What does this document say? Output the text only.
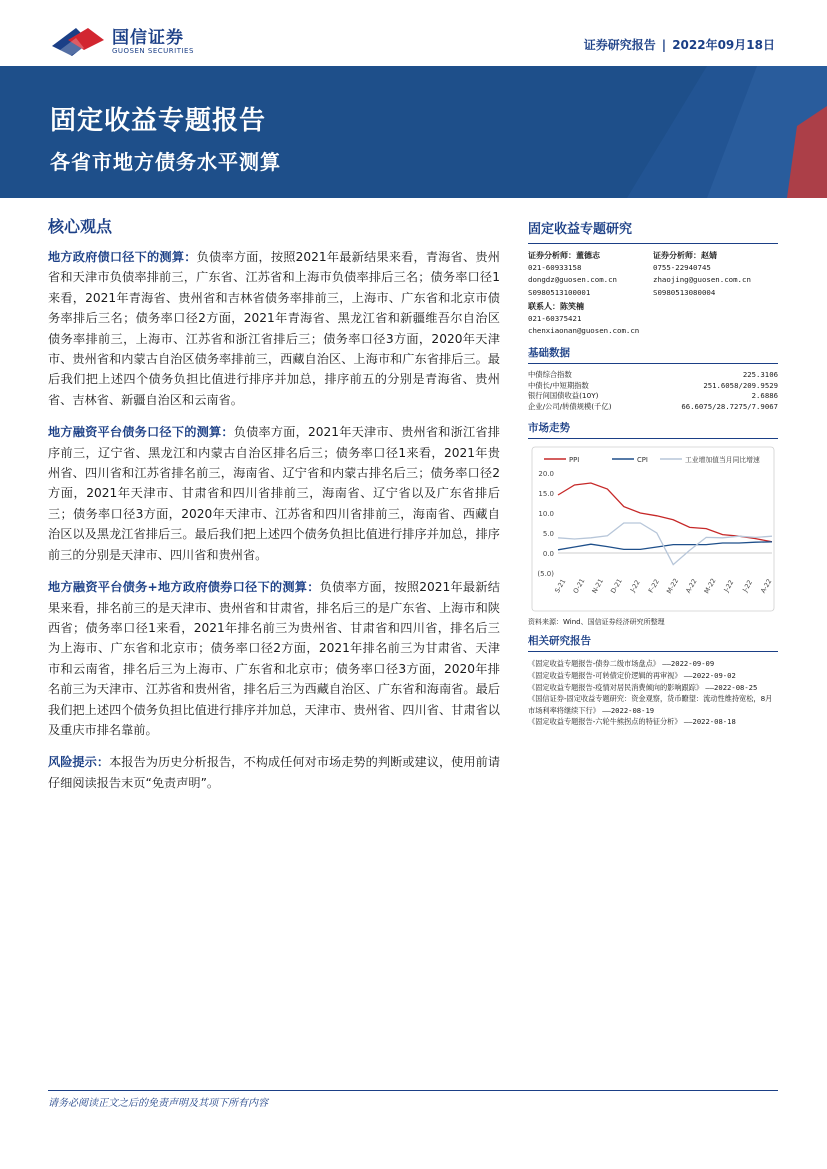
国信证券
GUOSEN SECURITIES	证券研究报告 | 2022年09月18日
固定收益专题报告
各省市地方债务水平测算
核心观点

地方政府债口径下的测算：负债率方面，按照2021年最新结果来看，青海省、贵州省和天津市负债率排前三，广东省、江苏省和上海市负债率排后三名；债务率口径1来看，2021年青海省、贵州省和吉林省债务率排前三，上海市、广东省和北京市债务率排后三名；债务率口径2方面，2021年青海省、黑龙江省和新疆维吾尔自治区债务率排前三，上海市、江苏省和浙江省排后三；债务率口径3方面，2020年天津市、贵州省和内蒙古自治区债务率排前三，西藏自治区、上海市和广东省排后三。最后我们把上述四个债务负担比值进行排序并加总，排序前五的分别是青海省、贵州省、吉林省、新疆自治区和云南省。

地方融资平台债务口径下的测算：负债率方面，2021年天津市、贵州省和浙江省排序前三，辽宁省、黑龙江和内蒙古自治区排名后三；债务率口径1来看，2021年贵州省、四川省和江苏省排名前三，海南省、辽宁省和内蒙古排名后三；债务率口径2方面，2021年天津市、甘肃省和四川省排前三，海南省、辽宁省以及广东省排后三；债务率口径3方面，2020年天津市、江苏省和四川省排前三，海南省、西藏自治区以及黑龙江省排后三。最后我们把上述四个债务负担比值进行排序并加总，排序前三的分别是天津市、四川省和贵州省。

地方融资平台债务+地方政府债券口径下的测算：负债率方面，按照2021年最新结果来看，排名前三的是天津市、贵州省和甘肃省，排名后三的是广东省、上海市和陕西省；债务率口径1来看，2021年排名前三为贵州省、甘肃省和四川省，排名后三为上海市、广东省和北京市；债务率口径2方面，2021年排名前三为甘肃省、天津市和云南省，排名后三为上海市、广东省和北京市；债务率口径3方面，2020年排名前三为天津市、江苏省和贵州省，排名后三为西藏自治区、广东省和海南省。最后我们把上述四个债务负担比值进行排序并加总，天津市、贵州省、四川省、甘肃省以及重庆市排名靠前。

风险提示：本报告为历史分析报告，不构成任何对市场走势的判断或建议，使用前请仔细阅读报告末页“免责声明”。

固定收益专题研究
证券分析师：董德志
021-60933158
dongdz@guosen.com.cn
S0980513100001
证券分析师：赵婧
0755-22940745
zhaojing@guosen.com.cn
S0980513080004
联系人：陈笑楠
021-60375421
chenxiaonan@guosen.com.cn
基础数据
中债综合指数	225.3106
中债长/中短期指数	251.6058/209.9529
银行间国债收益(10Y)	2.6886
企业/公司/转债规模(千亿)	66.6075/28.7275/7.9067
市场走势
20.0
15.0
10.0
5.0
0.0
(5.0)
S-21 O-21 N-21 D-21 J-22 F-22 M-22 A-22 M-22 J-22 J-22 A-22
PPI	CPI	工业增加值当月同比增速
资料来源：Wind、国信证券经济研究所整理
相关研究报告
《固定收益专题报告-债券二级市场盘点》 ——2022-09-09
《固定收益专题报告-可转债定价逻辑的再审视》 ——2022-09-02
《固定收益专题报告-疫情对居民消费倾向的影响跟踪》 ——2022-08-25
《国信证券-固定收益专题研究：资金观察，货币瞭望：流动性维持宽松，8月市场利率将继续下行》 ——2022-08-19
《固定收益专题报告-六轮牛熊拐点的特征分析》 ——2022-08-18
请务必阅读正文之后的免责声明及其项下所有内容
